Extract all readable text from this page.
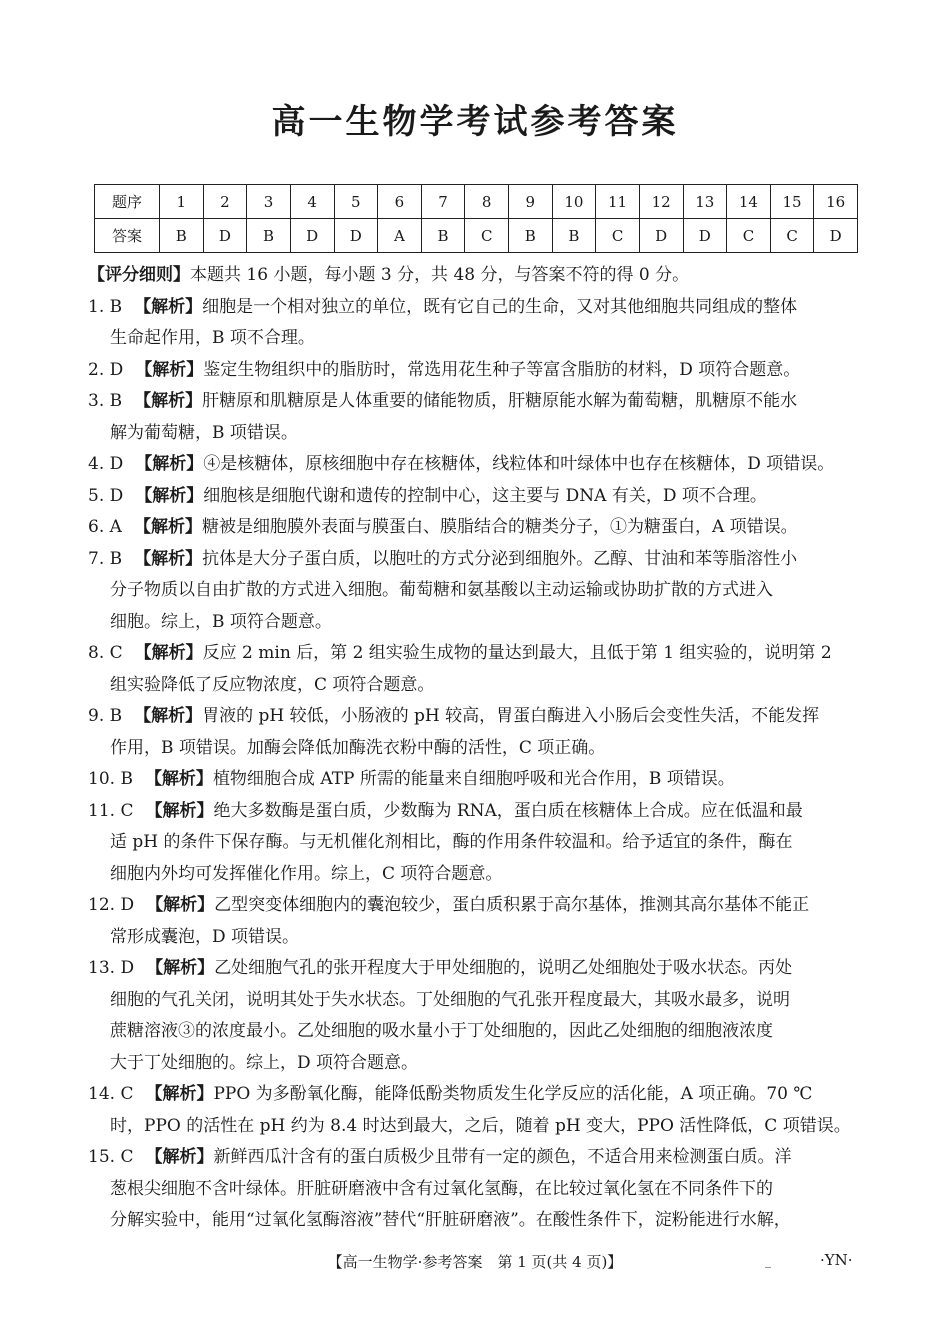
高一生物学考试参考答案
题序	1	2	3	4	5	6	7	8	9	10	11	12	13	14	15	16
答案	B	D	B	D	D	A	B	C	B	B	C	D	D	C	C	D
【评分细则】本题共 16 小题，每小题 3 分，共 48 分，与答案不符的得 0 分。
1. B 【解析】细胞是一个相对独立的单位，既有它自己的生命，又对其他细胞共同组成的整体
生命起作用，B 项不合理。
2. D 【解析】鉴定生物组织中的脂肪时，常选用花生种子等富含脂肪的材料，D 项符合题意。
3. B 【解析】肝糖原和肌糖原是人体重要的储能物质，肝糖原能水解为葡萄糖，肌糖原不能水
解为葡萄糖，B 项错误。
4. D 【解析】④是核糖体，原核细胞中存在核糖体，线粒体和叶绿体中也存在核糖体，D 项错误。
5. D 【解析】细胞核是细胞代谢和遗传的控制中心，这主要与 DNA 有关，D 项不合理。
6. A 【解析】糖被是细胞膜外表面与膜蛋白、膜脂结合的糖类分子，①为糖蛋白，A 项错误。
7. B 【解析】抗体是大分子蛋白质，以胞吐的方式分泌到细胞外。乙醇、甘油和苯等脂溶性小
分子物质以自由扩散的方式进入细胞。葡萄糖和氨基酸以主动运输或协助扩散的方式进入
细胞。综上，B 项符合题意。
8. C 【解析】反应 2 min 后，第 2 组实验生成物的量达到最大，且低于第 1 组实验的，说明第 2
组实验降低了反应物浓度，C 项符合题意。
9. B 【解析】胃液的 pH 较低，小肠液的 pH 较高，胃蛋白酶进入小肠后会变性失活，不能发挥
作用，B 项错误。加酶会降低加酶洗衣粉中酶的活性，C 项正确。
10. B 【解析】植物细胞合成 ATP 所需的能量来自细胞呼吸和光合作用，B 项错误。
11. C 【解析】绝大多数酶是蛋白质，少数酶为 RNA，蛋白质在核糖体上合成。应在低温和最
适 pH 的条件下保存酶。与无机催化剂相比，酶的作用条件较温和。给予适宜的条件，酶在
细胞内外均可发挥催化作用。综上，C 项符合题意。
12. D 【解析】乙型突变体细胞内的囊泡较少，蛋白质积累于高尔基体，推测其高尔基体不能正
常形成囊泡，D 项错误。
13. D 【解析】乙处细胞气孔的张开程度大于甲处细胞的，说明乙处细胞处于吸水状态。丙处
细胞的气孔关闭，说明其处于失水状态。丁处细胞的气孔张开程度最大，其吸水最多，说明
蔗糖溶液③的浓度最小。乙处细胞的吸水量小于丁处细胞的，因此乙处细胞的细胞液浓度
大于丁处细胞的。综上，D 项符合题意。
14. C 【解析】PPO 为多酚氧化酶，能降低酚类物质发生化学反应的活化能，A 项正确。70 ℃
时，PPO 的活性在 pH 约为 8.4 时达到最大，之后，随着 pH 变大，PPO 活性降低，C 项错误。
15. C 【解析】新鲜西瓜汁含有的蛋白质极少且带有一定的颜色，不适合用来检测蛋白质。洋
葱根尖细胞不含叶绿体。肝脏研磨液中含有过氧化氢酶，在比较过氧化氢在不同条件下的
分解实验中，能用“过氧化氢酶溶液”替代“肝脏研磨液”。在酸性条件下，淀粉能进行水解，
【高一生物学·参考答案　第 1 页(共 4 页)】	_	·YN·
